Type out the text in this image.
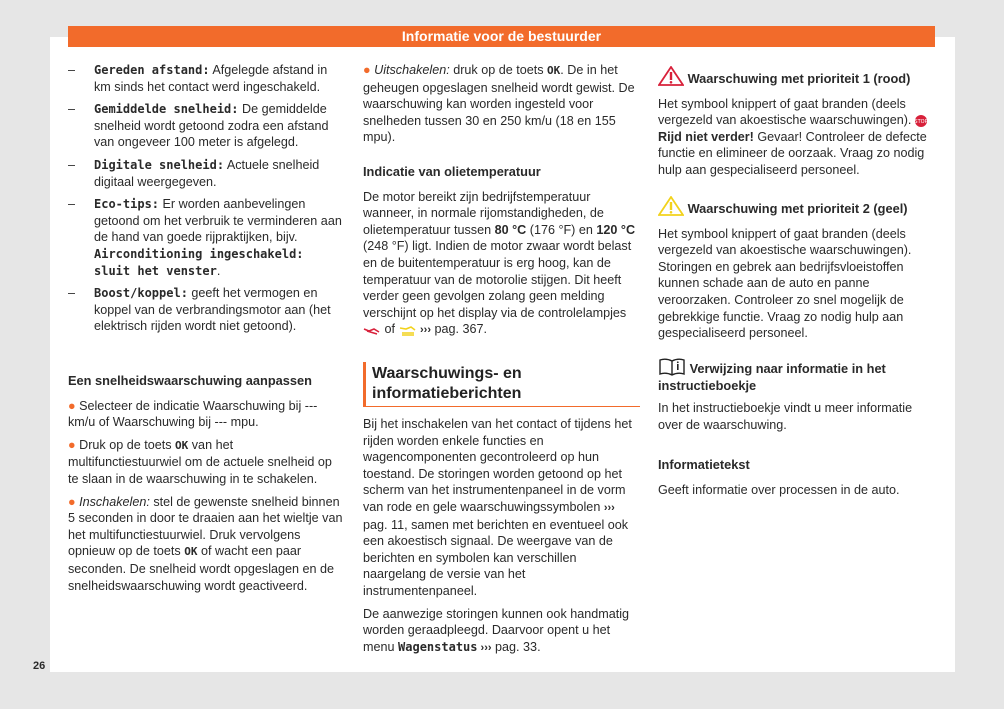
Informatie voor de bestuurder
26
–	Gereden afstand: Afgelegde afstand in km sinds het contact werd ingeschakeld.
–	Gemiddelde snelheid: De gemiddelde snelheid wordt getoond zodra een afstand van ongeveer 100 meter is afgelegd.
–	Digitale snelheid: Actuele snelheid digitaal weergegeven.
–	Eco-tips: Er worden aanbevelingen getoond om het verbruik te verminderen aan de hand van goede rijpraktijken, bijv. Airconditioning ingeschakeld: sluit het venster.
–	Boost/koppel: geeft het vermogen en koppel van de verbrandingsmotor aan (het elektrisch rijden wordt niet getoond).
Een snelheidswaarschuwing aanpassen

● Selecteer de indicatie Waarschuwing bij --- km/u of Waarschuwing bij --- mpu.

● Druk op de toets OK van het multifunctiestuurwiel om de actuele snelheid op te slaan in de waarschuwing in te schakelen.

● Inschakelen: stel de gewenste snelheid binnen 5 seconden in door te draaien aan het wieltje van het multifunctiestuurwiel. Druk vervolgens opnieuw op de toets OK of wacht een paar seconden. De snelheid wordt opgeslagen en de snelheidswaarschuwing wordt geactiveerd.

● Uitschakelen: druk op de toets OK. De in het geheugen opgeslagen snelheid wordt gewist. De waarschuwing kan worden ingesteld voor snelheden tussen 30 en 250 km/u (18 en 155 mpu).

Indicatie van olietemperatuur

De motor bereikt zijn bedrijfstemperatuur wanneer, in normale rijomstandigheden, de olietemperatuur tussen 80 °C (176 °F) en 120 °C (248 °F) ligt. Indien de motor zwaar wordt belast en de buitentemperatuur is erg hoog, kan de temperatuur van de motorolie stijgen. Dit heeft verder geen gevolgen zolang geen melding verschijnt op het display via de controlelampjes  of  ››› pag. 367.

Waarschuwings- en informatieberichten

Bij het inschakelen van het contact of tijdens het rijden worden enkele functies en wagencomponenten gecontroleerd op hun toestand. De storingen worden getoond op het scherm van het instrumentenpaneel in de vorm van rode en gele waarschuwingssymbolen ››› pag. 11, samen met berichten en eventueel ook een akoestisch signaal. De weergave van de berichten en symbolen kan verschillen naargelang de versie van het instrumentenpaneel.

De aanwezige storingen kunnen ook handmatig worden geraadpleegd. Daarvoor opent u het menu Wagenstatus ››› pag. 33.

Waarschuwing met prioriteit 1 (rood)

Het symbool knippert of gaat branden (deels vergezeld van akoestische waarschuwingen). STOP
Rijd niet verder! Gevaar! Controleer de defecte functie en elimineer de oorzaak. Vraag zo nodig hulp aan gespecialiseerd personeel.

Waarschuwing met prioriteit 2 (geel)

Het symbool knippert of gaat branden (deels vergezeld van akoestische waarschuwingen). Storingen en gebrek aan bedrijfsvloeistoffen kunnen schade aan de auto en panne veroorzaken. Controleer zo snel mogelijk de gebrekkige functie. Vraag zo nodig hulp aan gespecialiseerd personeel.

Verwijzing naar informatie in het instructieboekje

In het instructieboekje vindt u meer informatie over de waarschuwing.

Informatietekst

Geeft informatie over processen in de auto.
